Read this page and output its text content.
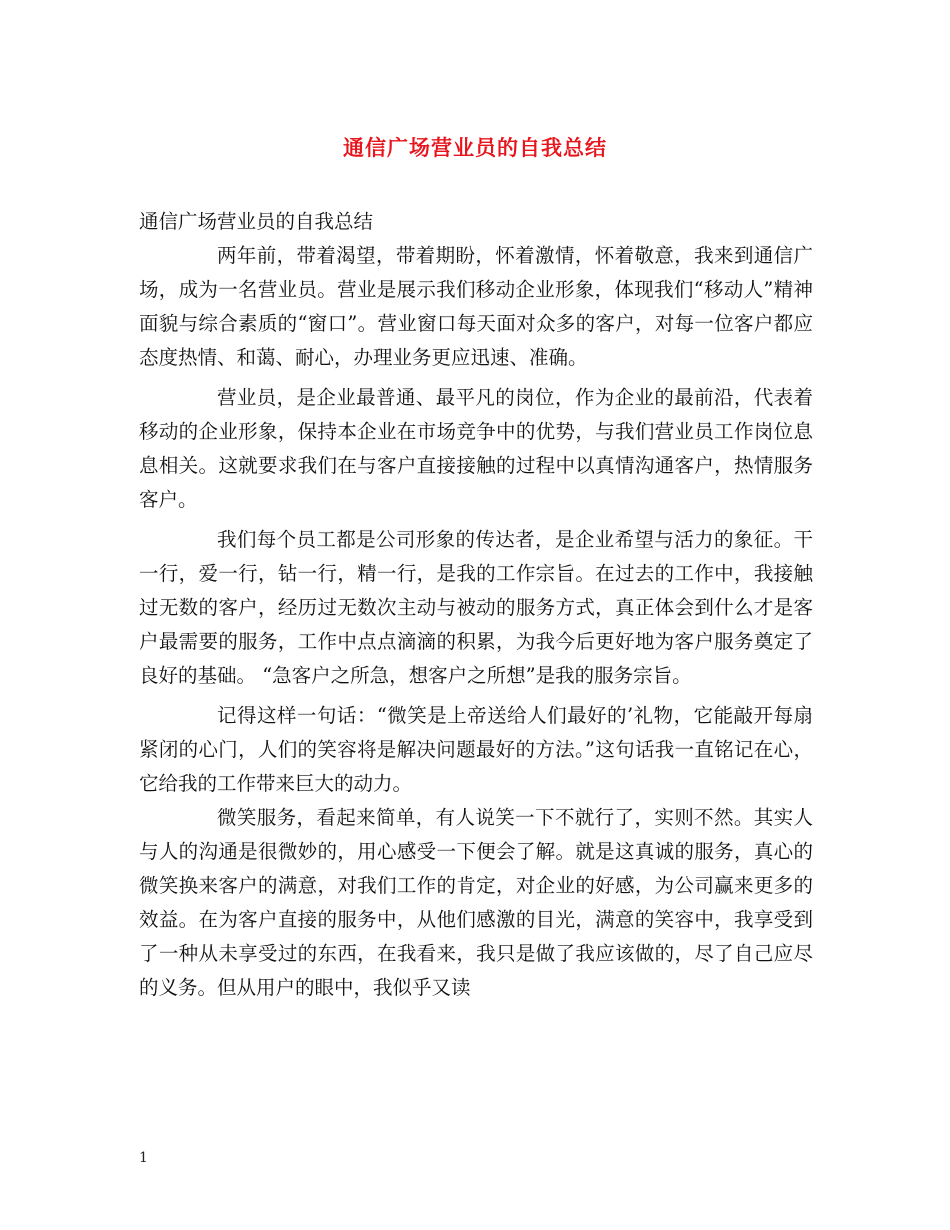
通信广场营业员的自我总结

通信广场营业员的自我总结

两年前，带着渴望，带着期盼，怀着激情，怀着敬意，我来到通信广场，成为一名营业员。营业是展示我们移动企业形象，体现我们“移动人”精神面貌与综合素质的“窗口”。营业窗口每天面对众多的客户，对每一位客户都应态度热情、和蔼、耐心，办理业务更应迅速、准确。

营业员，是企业最普通、最平凡的岗位，作为企业的最前沿，代表着移动的企业形象，保持本企业在市场竞争中的优势，与我们营业员工作岗位息息相关。这就要求我们在与客户直接接触的过程中以真情沟通客户，热情服务客户。

我们每个员工都是公司形象的传达者，是企业希望与活力的象征。干一行，爱一行，钻一行，精一行，是我的工作宗旨。在过去的工作中，我接触过无数的客户，经历过无数次主动与被动的服务方式，真正体会到什么才是客户最需要的服务，工作中点点滴滴的积累，为我今后更好地为客户服务奠定了良好的基础。 “急客户之所急，想客户之所想”是我的服务宗旨。

记得这样一句话：“微笑是上帝送给人们最好的’礼物，它能敲开每扇紧闭的心门，人们的笑容将是解决问题最好的方法。”这句话我一直铭记在心，它给我的工作带来巨大的动力。

微笑服务，看起来简单，有人说笑一下不就行了，实则不然。其实人与人的沟通是很微妙的，用心感受一下便会了解。就是这真诚的服务，真心的微笑换来客户的满意，对我们工作的肯定，对企业的好感，为公司赢来更多的效益。在为客户直接的服务中，从他们感激的目光，满意的笑容中，我享受到了一种从未享受过的东西，在我看来，我只是做了我应该做的，尽了自己应尽的义务。但从用户的眼中，我似乎又读

1
